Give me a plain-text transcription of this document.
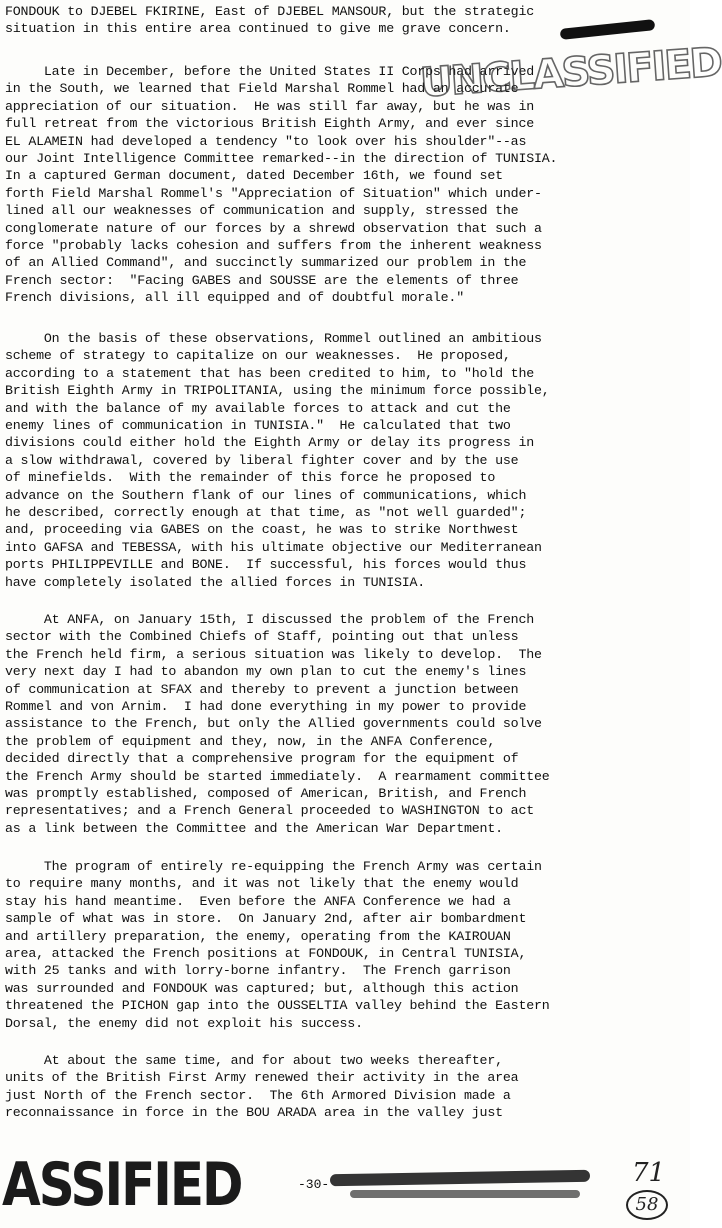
FONDOUK to DJEBEL FKIRINE, East of DJEBEL MANSOUR, but the strategic
situation in this entire area continued to give me grave concern.
Late in December, before the United States II Corps had arrived
in the South, we learned that Field Marshal Rommel had an accurate
appreciation of our situation.  He was still far away, but he was in
full retreat from the victorious British Eighth Army, and ever since
EL ALAMEIN had developed a tendency "to look over his shoulder"--as
our Joint Intelligence Committee remarked--in the direction of TUNISIA.
In a captured German document, dated December 16th, we found set
forth Field Marshal Rommel's "Appreciation of Situation" which under-
lined all our weaknesses of communication and supply, stressed the
conglomerate nature of our forces by a shrewd observation that such a
force "probably lacks cohesion and suffers from the inherent weakness
of an Allied Command", and succinctly summarized our problem in the
French sector:  "Facing GABES and SOUSSE are the elements of three
French divisions, all ill equipped and of doubtful morale."
On the basis of these observations, Rommel outlined an ambitious
scheme of strategy to capitalize on our weaknesses.  He proposed,
according to a statement that has been credited to him, to "hold the
British Eighth Army in TRIPOLITANIA, using the minimum force possible,
and with the balance of my available forces to attack and cut the
enemy lines of communication in TUNISIA."  He calculated that two
divisions could either hold the Eighth Army or delay its progress in
a slow withdrawal, covered by liberal fighter cover and by the use
of minefields.  With the remainder of this force he proposed to
advance on the Southern flank of our lines of communications, which
he described, correctly enough at that time, as "not well guarded";
and, proceeding via GABES on the coast, he was to strike Northwest
into GAFSA and TEBESSA, with his ultimate objective our Mediterranean
ports PHILIPPEVILLE and BONE.  If successful, his forces would thus
have completely isolated the allied forces in TUNISIA.
At ANFA, on January 15th, I discussed the problem of the French
sector with the Combined Chiefs of Staff, pointing out that unless
the French held firm, a serious situation was likely to develop.  The
very next day I had to abandon my own plan to cut the enemy's lines
of communication at SFAX and thereby to prevent a junction between
Rommel and von Arnim.  I had done everything in my power to provide
assistance to the French, but only the Allied governments could solve
the problem of equipment and they, now, in the ANFA Conference,
decided directly that a comprehensive program for the equipment of
the French Army should be started immediately.  A rearmament committee
was promptly established, composed of American, British, and French
representatives; and a French General proceeded to WASHINGTON to act
as a link between the Committee and the American War Department.
The program of entirely re-equipping the French Army was certain
to require many months, and it was not likely that the enemy would
stay his hand meantime.  Even before the ANFA Conference we had a
sample of what was in store.  On January 2nd, after air bombardment
and artillery preparation, the enemy, operating from the KAIROUAN
area, attacked the French positions at FONDOUK, in Central TUNISIA,
with 25 tanks and with lorry-borne infantry.  The French garrison
was surrounded and FONDOUK was captured; but, although this action
threatened the PICHON gap into the OUSSELTIA valley behind the Eastern
Dorsal, the enemy did not exploit his success.
At about the same time, and for about two weeks thereafter,
units of the British First Army renewed their activity in the area
just North of the French sector.  The 6th Armored Division made a
reconnaissance in force in the BOU ARADA area in the valley just
UNCLASSIFIED
ASSIFIED	-30-	71
58
